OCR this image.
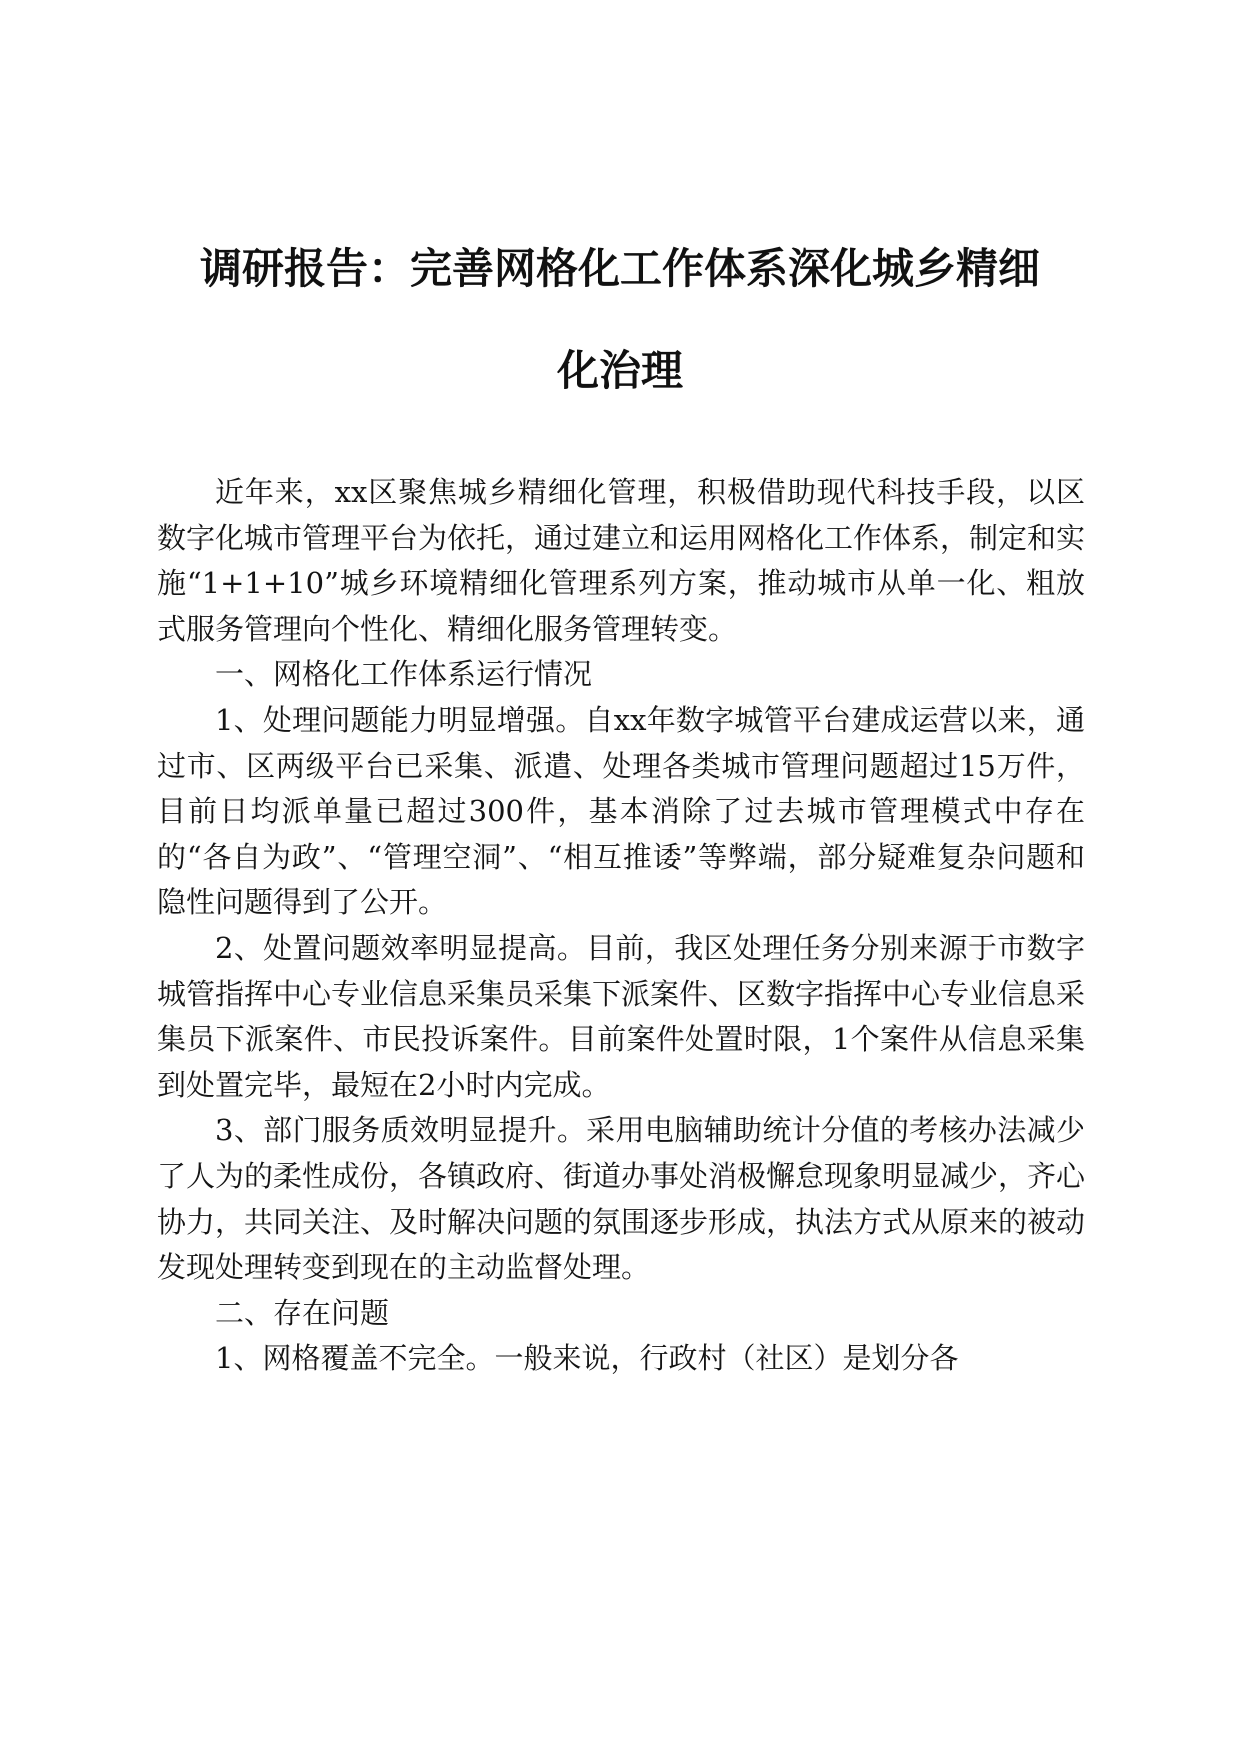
调研报告：完善网格化工作体系深化城乡精细
化治理

近年来，xx区聚焦城乡精细化管理，积极借助现代科技手段，以区数字化城市管理平台为依托，通过建立和运用网格化工作体系，制定和实施“1+1+10”城乡环境精细化管理系列方案，推动城市从单一化、粗放式服务管理向个性化、精细化服务管理转变。

一、网格化工作体系运行情况

1、处理问题能力明显增强。自xx年数字城管平台建成运营以来，通过市、区两级平台已采集、派遣、处理各类城市管理问题超过15万件，目前日均派单量已超过300件，基本消除了过去城市管理模式中存在的“各自为政”、“管理空洞”、“相互推诿”等弊端，部分疑难复杂问题和隐性问题得到了公开。

2、处置问题效率明显提高。目前，我区处理任务分别来源于市数字城管指挥中心专业信息采集员采集下派案件、区数字指挥中心专业信息采集员下派案件、市民投诉案件。目前案件处置时限，1个案件从信息采集到处置完毕，最短在2小时内完成。

3、部门服务质效明显提升。采用电脑辅助统计分值的考核办法减少了人为的柔性成份，各镇政府、街道办事处消极懈怠现象明显减少，齐心协力，共同关注、及时解决问题的氛围逐步形成，执法方式从原来的被动发现处理转变到现在的主动监督处理。

二、存在问题

1、网格覆盖不完全。一般来说，行政村（社区）是划分各
